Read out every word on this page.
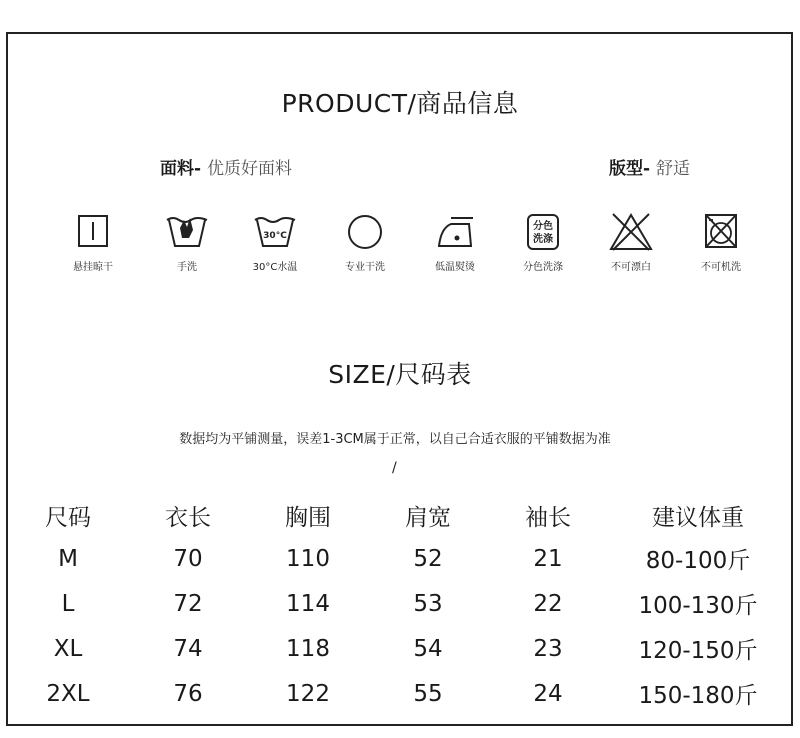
PRODUCT/商品信息
面料- 优质好面料	版型- 舒适
悬挂晾干	手洗
30°C
30°C水温	专业干洗	低温熨烫
分色
洗涤
分色洗涤	不可漂白	不可机洗
SIZE/尺码表
数据均为平铺测量，误差1-3CM属于正常，以自己合适衣服的平铺数据为准
/
尺码	衣长	胸围	肩宽	袖长	建议体重
M	70	110	52	21	80-100斤
L	72	114	53	22	100-130斤
XL	74	118	54	23	120-150斤
2XL	76	122	55	24	150-180斤
